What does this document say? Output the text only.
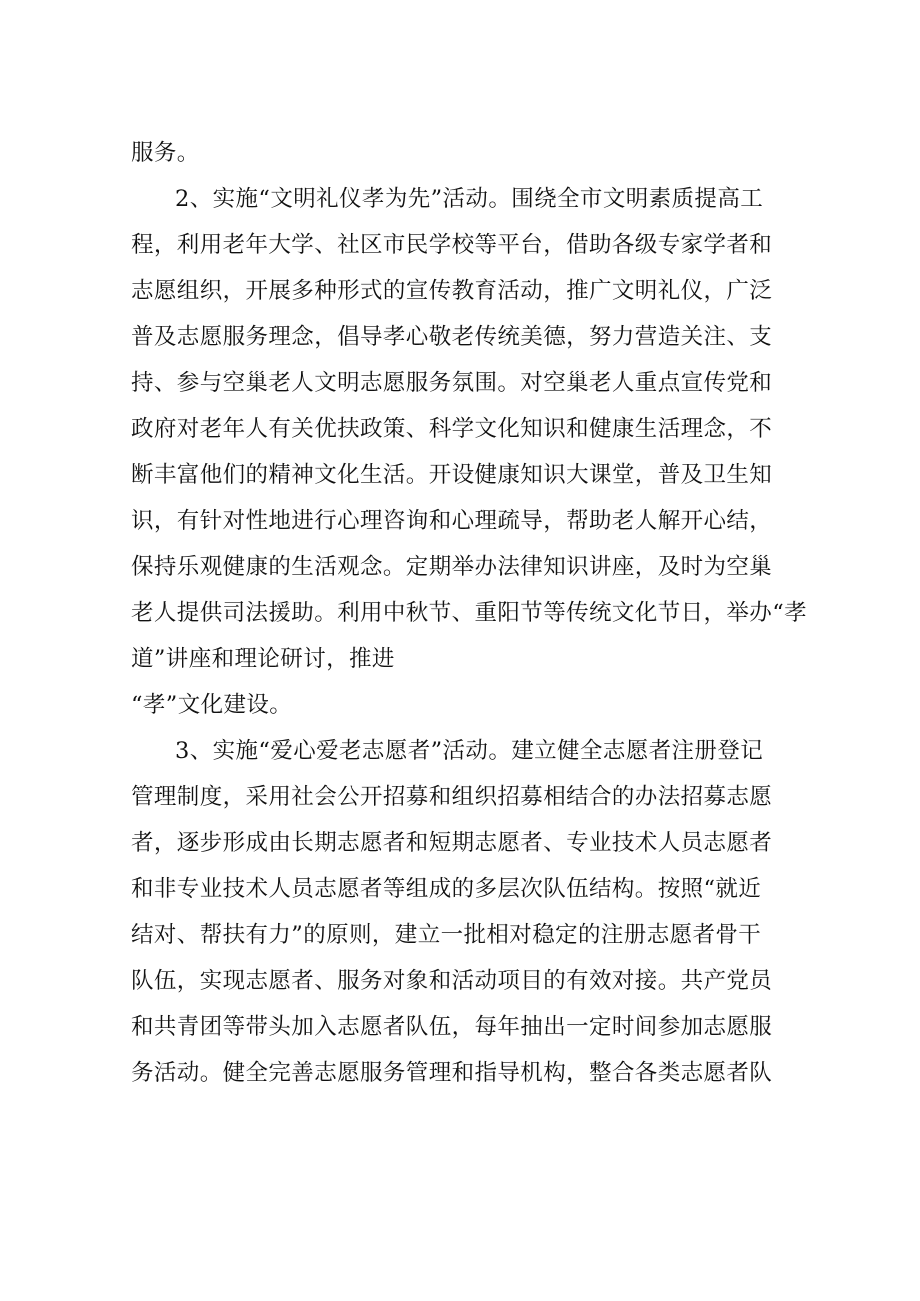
服务。
2、实施“文明礼仪孝为先”活动。围绕全市文明素质提高工
程，利用老年大学、社区市民学校等平台，借助各级专家学者和
志愿组织，开展多种形式的宣传教育活动，推广文明礼仪，广泛
普及志愿服务理念，倡导孝心敬老传统美德，努力营造关注、支
持、参与空巢老人文明志愿服务氛围。对空巢老人重点宣传党和
政府对老年人有关优扶政策、科学文化知识和健康生活理念，不
断丰富他们的精神文化生活。开设健康知识大课堂，普及卫生知
识，有针对性地进行心理咨询和心理疏导，帮助老人解开心结，
保持乐观健康的生活观念。定期举办法律知识讲座，及时为空巢
老人提供司法援助。利用中秋节、重阳节等传统文化节日，举办“孝
道”讲座和理论研讨，推进
“孝”文化建设。
3、实施“爱心爱老志愿者”活动。建立健全志愿者注册登记
管理制度，采用社会公开招募和组织招募相结合的办法招募志愿
者，逐步形成由长期志愿者和短期志愿者、专业技术人员志愿者
和非专业技术人员志愿者等组成的多层次队伍结构。按照“就近
结对、帮扶有力”的原则，建立一批相对稳定的注册志愿者骨干
队伍，实现志愿者、服务对象和活动项目的有效对接。共产党员
和共青团等带头加入志愿者队伍，每年抽出一定时间参加志愿服
务活动。健全完善志愿服务管理和指导机构，整合各类志愿者队
